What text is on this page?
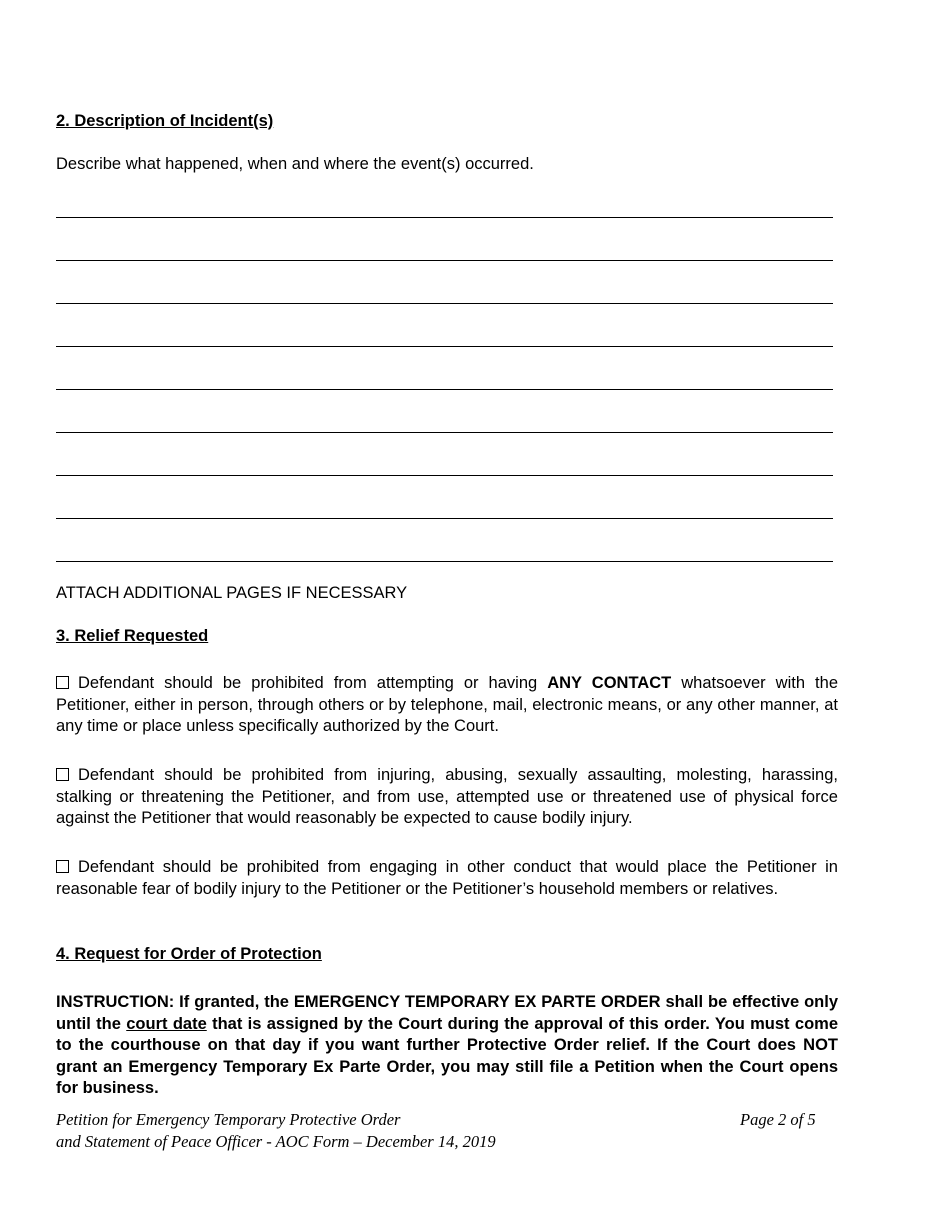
2. Description of Incident(s)
Describe what happened, when and where the event(s) occurred.
ATTACH ADDITIONAL PAGES IF NECESSARY
3. Relief Requested
Defendant should be prohibited from attempting or having ANY CONTACT whatsoever with the Petitioner, either in person, through others or by telephone, mail, electronic means, or any other manner, at any time or place unless specifically authorized by the Court.
Defendant should be prohibited from injuring, abusing, sexually assaulting, molesting, harassing, stalking or threatening the Petitioner, and from use, attempted use or threatened use of physical force against the Petitioner that would reasonably be expected to cause bodily injury.
Defendant should be prohibited from engaging in other conduct that would place the Petitioner in reasonable fear of bodily injury to the Petitioner or the Petitioner’s household members or relatives.
4. Request for Order of Protection
INSTRUCTION: If granted, the EMERGENCY TEMPORARY EX PARTE ORDER shall be effective only until the court date that is assigned by the Court during the approval of this order. You must come to the courthouse on that day if you want further Protective Order relief. If the Court does NOT grant an Emergency Temporary Ex Parte Order, you may still file a Petition when the Court opens for business.
Petition for Emergency Temporary Protective Order
and Statement of Peace Officer - AOC Form – December 14, 2019
Page 2 of 5
